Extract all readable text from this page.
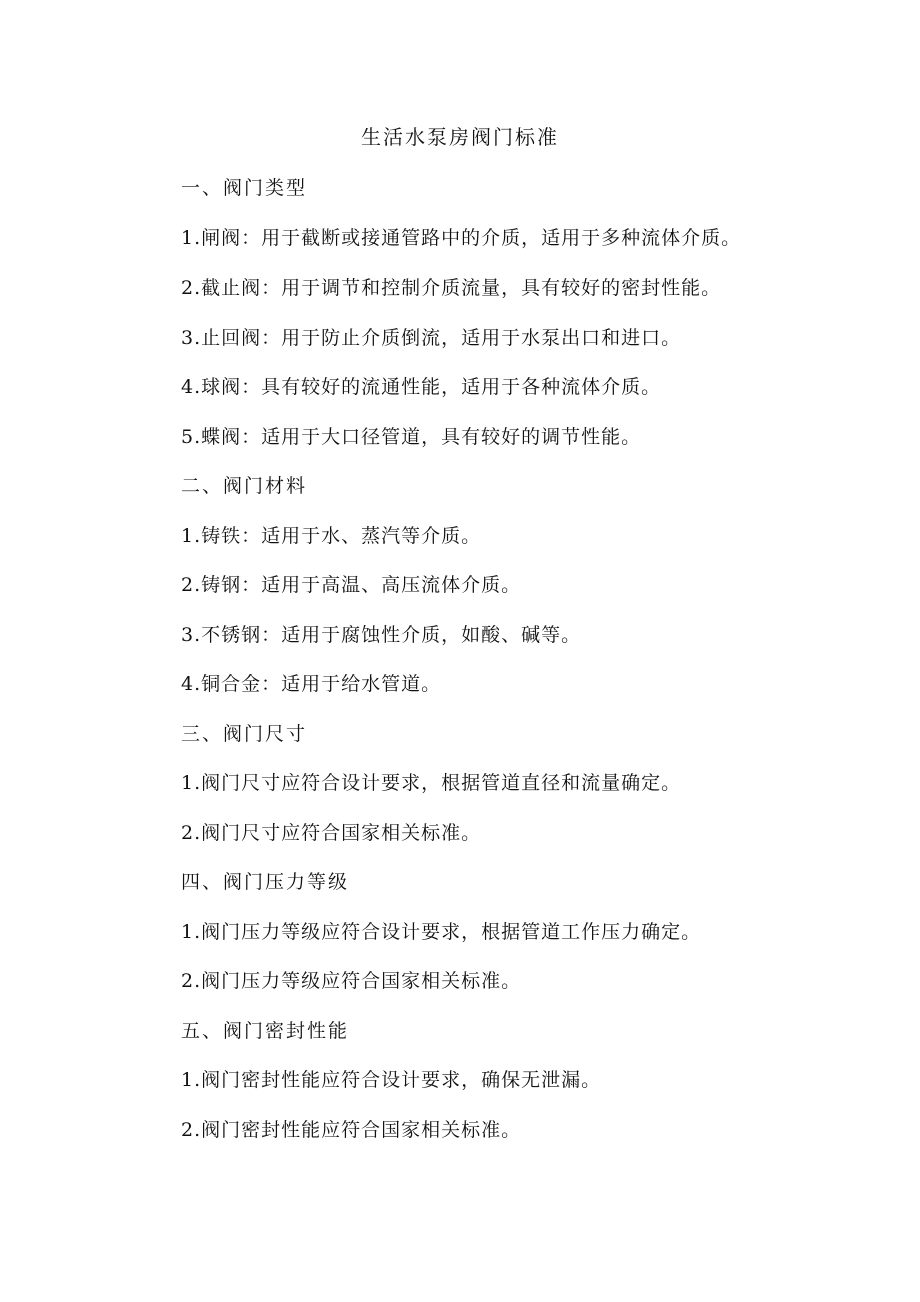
生活水泵房阀门标准

一、阀门类型

1.闸阀：用于截断或接通管路中的介质，适用于多种流体介质。

2.截止阀：用于调节和控制介质流量，具有较好的密封性能。

3.止回阀：用于防止介质倒流，适用于水泵出口和进口。

4.球阀：具有较好的流通性能，适用于各种流体介质。

5.蝶阀：适用于大口径管道，具有较好的调节性能。

二、阀门材料

1.铸铁：适用于水、蒸汽等介质。

2.铸钢：适用于高温、高压流体介质。

3.不锈钢：适用于腐蚀性介质，如酸、碱等。

4.铜合金：适用于给水管道。

三、阀门尺寸

1.阀门尺寸应符合设计要求，根据管道直径和流量确定。

2.阀门尺寸应符合国家相关标准。

四、阀门压力等级

1.阀门压力等级应符合设计要求，根据管道工作压力确定。

2.阀门压力等级应符合国家相关标准。

五、阀门密封性能

1.阀门密封性能应符合设计要求，确保无泄漏。

2.阀门密封性能应符合国家相关标准。
